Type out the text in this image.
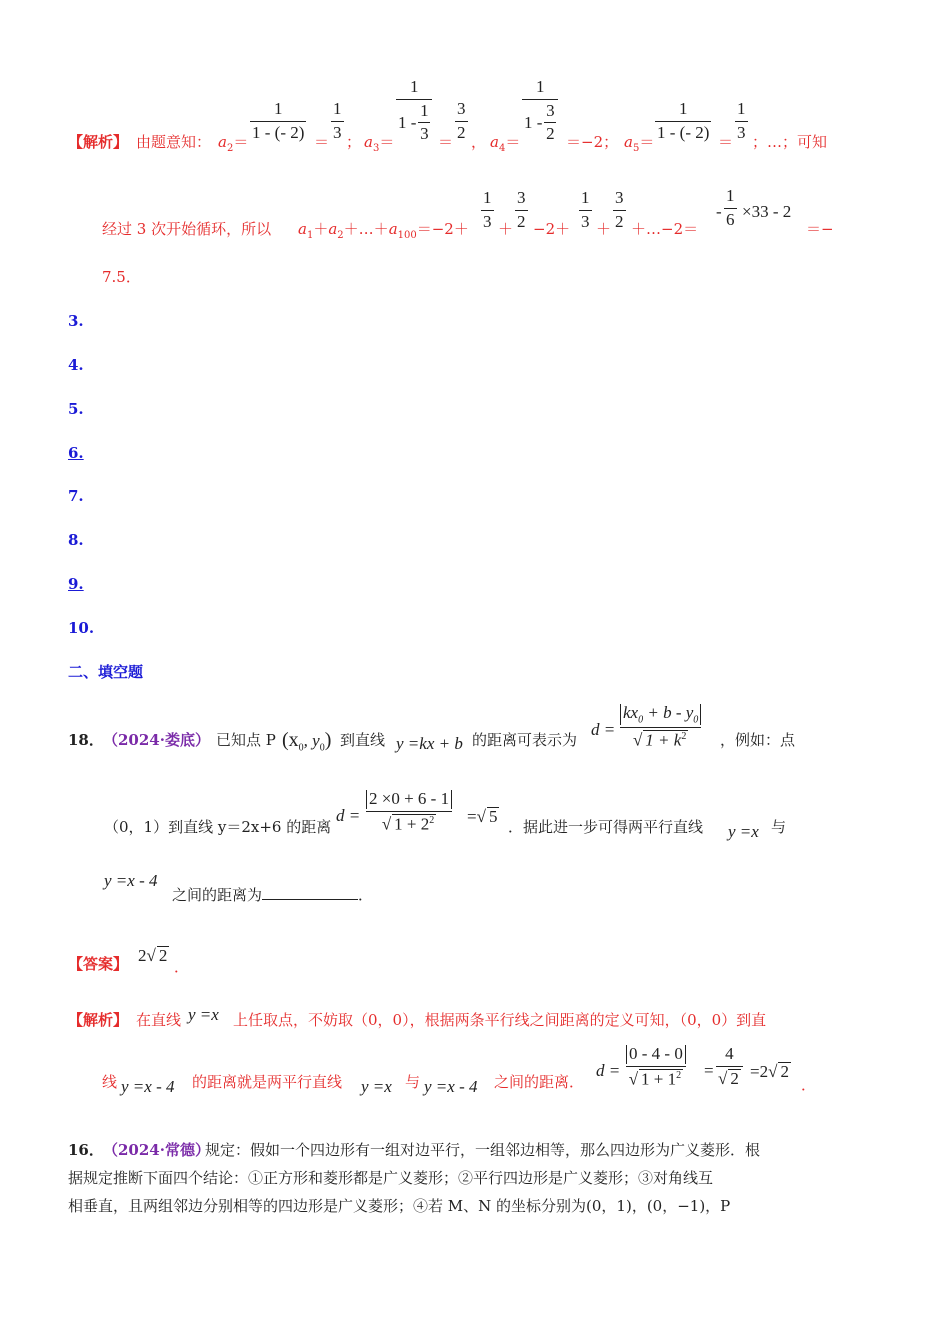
【解析】 由题意知： $a_2=$
1
1 - (- 2)
＝
1
3
； $a_3=$
1
1 -
1
3 ＝
3
2
， $a_4=$
1
1 -
3
2 ＝−2； $a_5=$
1
1 - (- 2)
＝
1
3
；…；可知
经过 3 次开始循环，所以 $a_1+a_2+\dots+a_{100}=-2+$
1
3 ＋
3
2 −2＋
1
3 ＋
3
2 ＋…−2＝
-
1
6 ×33 - 2
＝−
7.5．
3.
4.
5.
6.
7.
8.
9.
10.
二、填空题
18． （2024·娄底） 已知点 P ($x_0$, $y_0$) 到直线 y =kx + b 的距离可表示为
d =
$kx_0 + b - y_0$
√ $1 + k^2$ ，例如：点
（0，1）到直线 y＝2x+6 的距离
d =
2 ×0 + 6 - 1
√ $1 + 2^2$ =√ 5
．据此进一步可得两平行直线 y =x 与
y =x - 4
之间的距离为	．
【答案】 2√ 2
．
【解析】 在直线 y =x 上任取点，不妨取（0，0），根据两条平行线之间距离的定义可知，（0，0）到直
线 y =x - 4 的距离就是两平行直线 y =x 与 y =x - 4 之间的距离．
d =
0 - 4 - 0
√ $1 + 1^2$ =
4
√ 2 =2√ 2
．
16． （2024·常德）
规定：假如一个四边形有一组对边平行，一组邻边相等，那么四边形为广义菱形．根
据规定推断下面四个结论：①正方形和菱形都是广义菱形；②平行四边形是广义菱形；③对角线互
相垂直，且两组邻边分别相等的四边形是广义菱形；④若 M、N 的坐标分别为(0，1)，(0，−1)，P
